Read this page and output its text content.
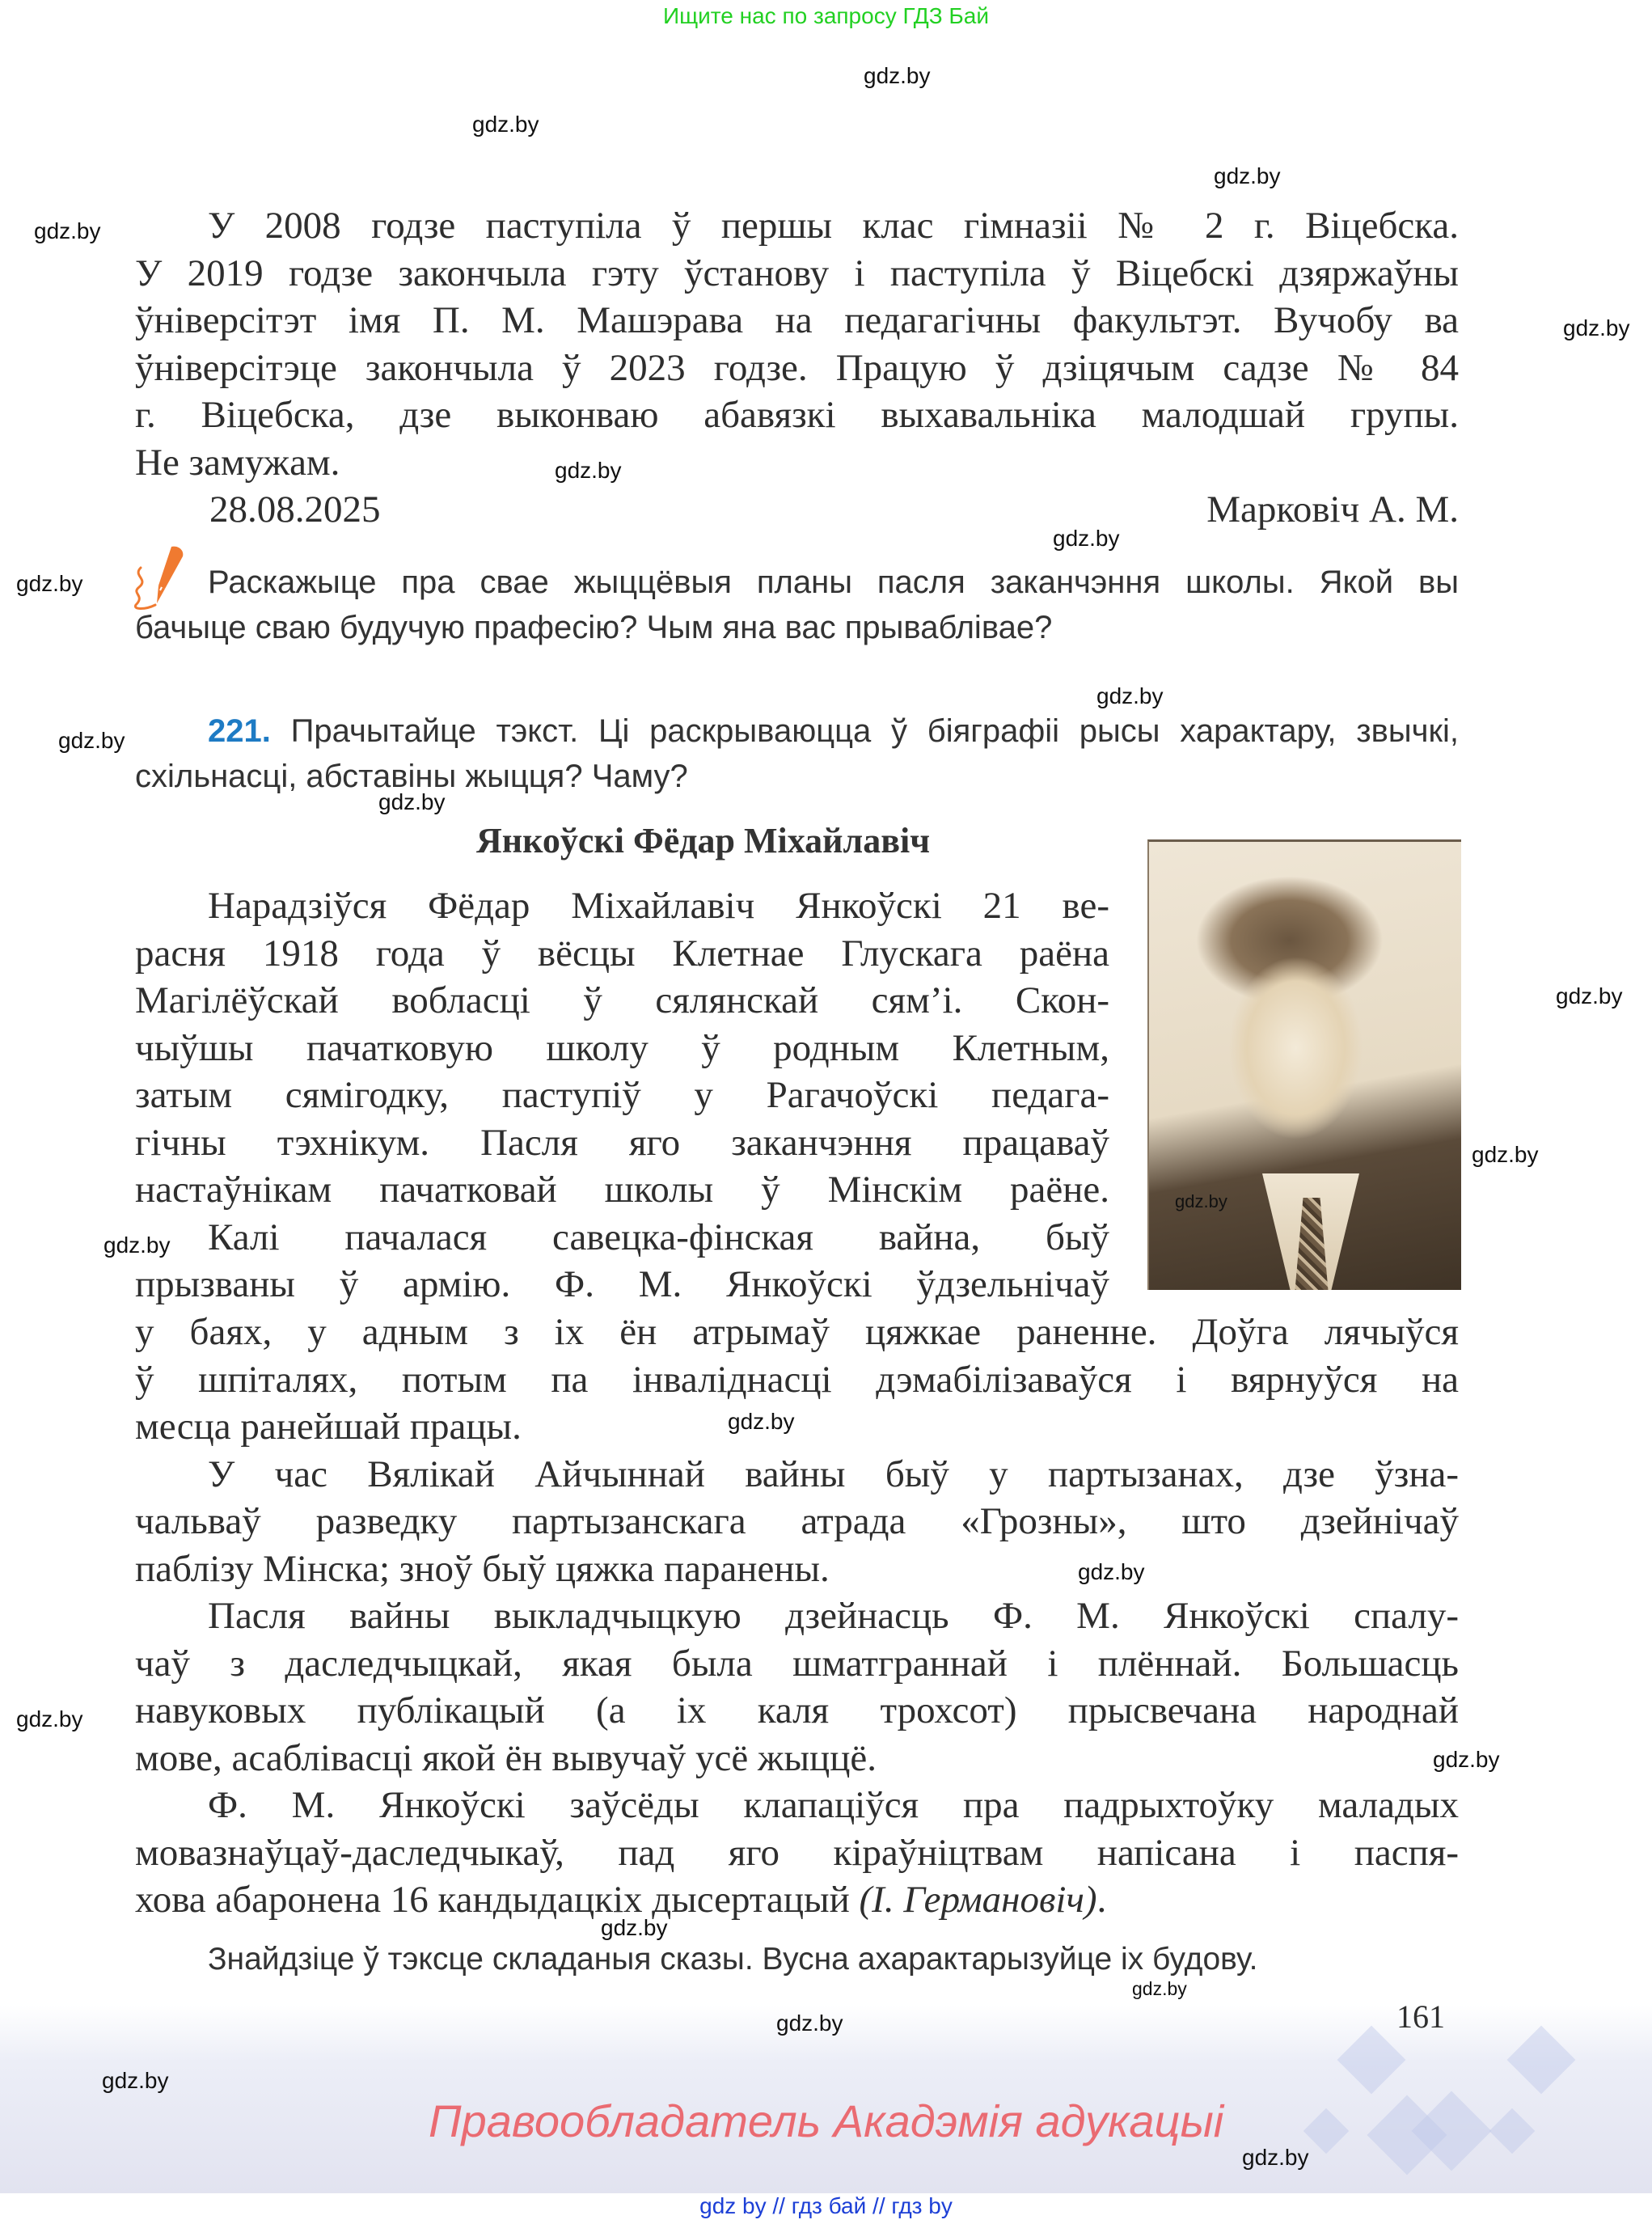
Ищите нас по запросу ГДЗ Бай

У 2008 годзе паступіла ў першы клас гімназіі № 2 г. Віцебска.
У 2019 годзе закончыла гэту ўстанову і паступіла ў Віцебскі дзяржаўны
ўніверсітэт імя П. М. Машэрава на педагагічны факультэт. Вучобу ва
ўніверсітэце закончыла ў 2023 годзе. Працую ў дзіцячым садзе № 84
г. Віцебска, дзе выконваю абавязкі выхавальніка малодшай групы.
Не замужам.

28.08.2025	Марковіч А. М.
Раскажыце пра свае жыццёвыя планы пасля заканчэння школы. Якой вы
бачыце сваю будучую прафесію? Чым яна вас прываблівае?
221. Прачытайце тэкст. Ці раскрываюцца ў біяграфіі рысы характару, звычкі,
схільнасці, абставіны жыцця? Чаму?
Янкоўскі Фёдар Міхайлавіч
gdz.by
Нарадзіўся Фёдар Міхайлавіч Янкоўскі 21 ве-
расня 1918 года ў вёсцы Клетнае Глускага раёна
Магілёўскай вобласці ў сялянскай сям’і. Скон-
чыўшы пачатковую школу ў родным Клетным,
затым сямігодку, паступіў у Рагачоўскі педага-
гічны тэхнікум. Пасля яго заканчэння працаваў
настаўнікам пачатковай школы ў Мінскім раёне.
Калі пачалася савецка-фінская вайна, быў
прызваны ў армію. Ф. М. Янкоўскі ўдзельнічаў
у баях, у адным з іх ён атрымаў цяжкае раненне. Доўга лячыўся
ў шпіталях, потым па інваліднасці дэмабілізаваўся і вярнуўся на
месца ранейшай працы.
У час Вялікай Айчыннай вайны быў у партызанах, дзе ўзна-
чальваў разведку партызанскага атрада «Грозны», што дзейнічаў
паблізу Мінска; зноў быў цяжка паранены.
Пасля вайны выкладчыцкую дзейнасць Ф. М. Янкоўскі спалу-
чаў з даследчыцкай, якая была шматграннай і плённай. Большасць
навуковых публікацый (а іх каля трохсот) прысвечана народнай
мове, асаблівасці якой ён вывучаў усё жыццё.
Ф. М. Янкоўскі заўсёды клапаціўся пра падрыхтоўку маладых
мовазнаўцаў-даследчыкаў, пад яго кіраўніцтвам напісана і паспя-
хова абаронена 16 кандыдацкіх дысертацый (І. Германовіч).
Знайдзіце ў тэксце складаныя сказы. Вусна ахарактарызуйце іх будову.
161
Правообладатель Акадэмія адукацыі
gdz by // гдз бай // гдз by
gdz.by
gdz.by
gdz.by
gdz.by
gdz.by
gdz.by
gdz.by
gdz.by
gdz.by
gdz.by
gdz.by
gdz.by
gdz.by
gdz.by
gdz.by
gdz.by
gdz.by
gdz.by
gdz.by
gdz.by
gdz.by
gdz.by
gdz.by
